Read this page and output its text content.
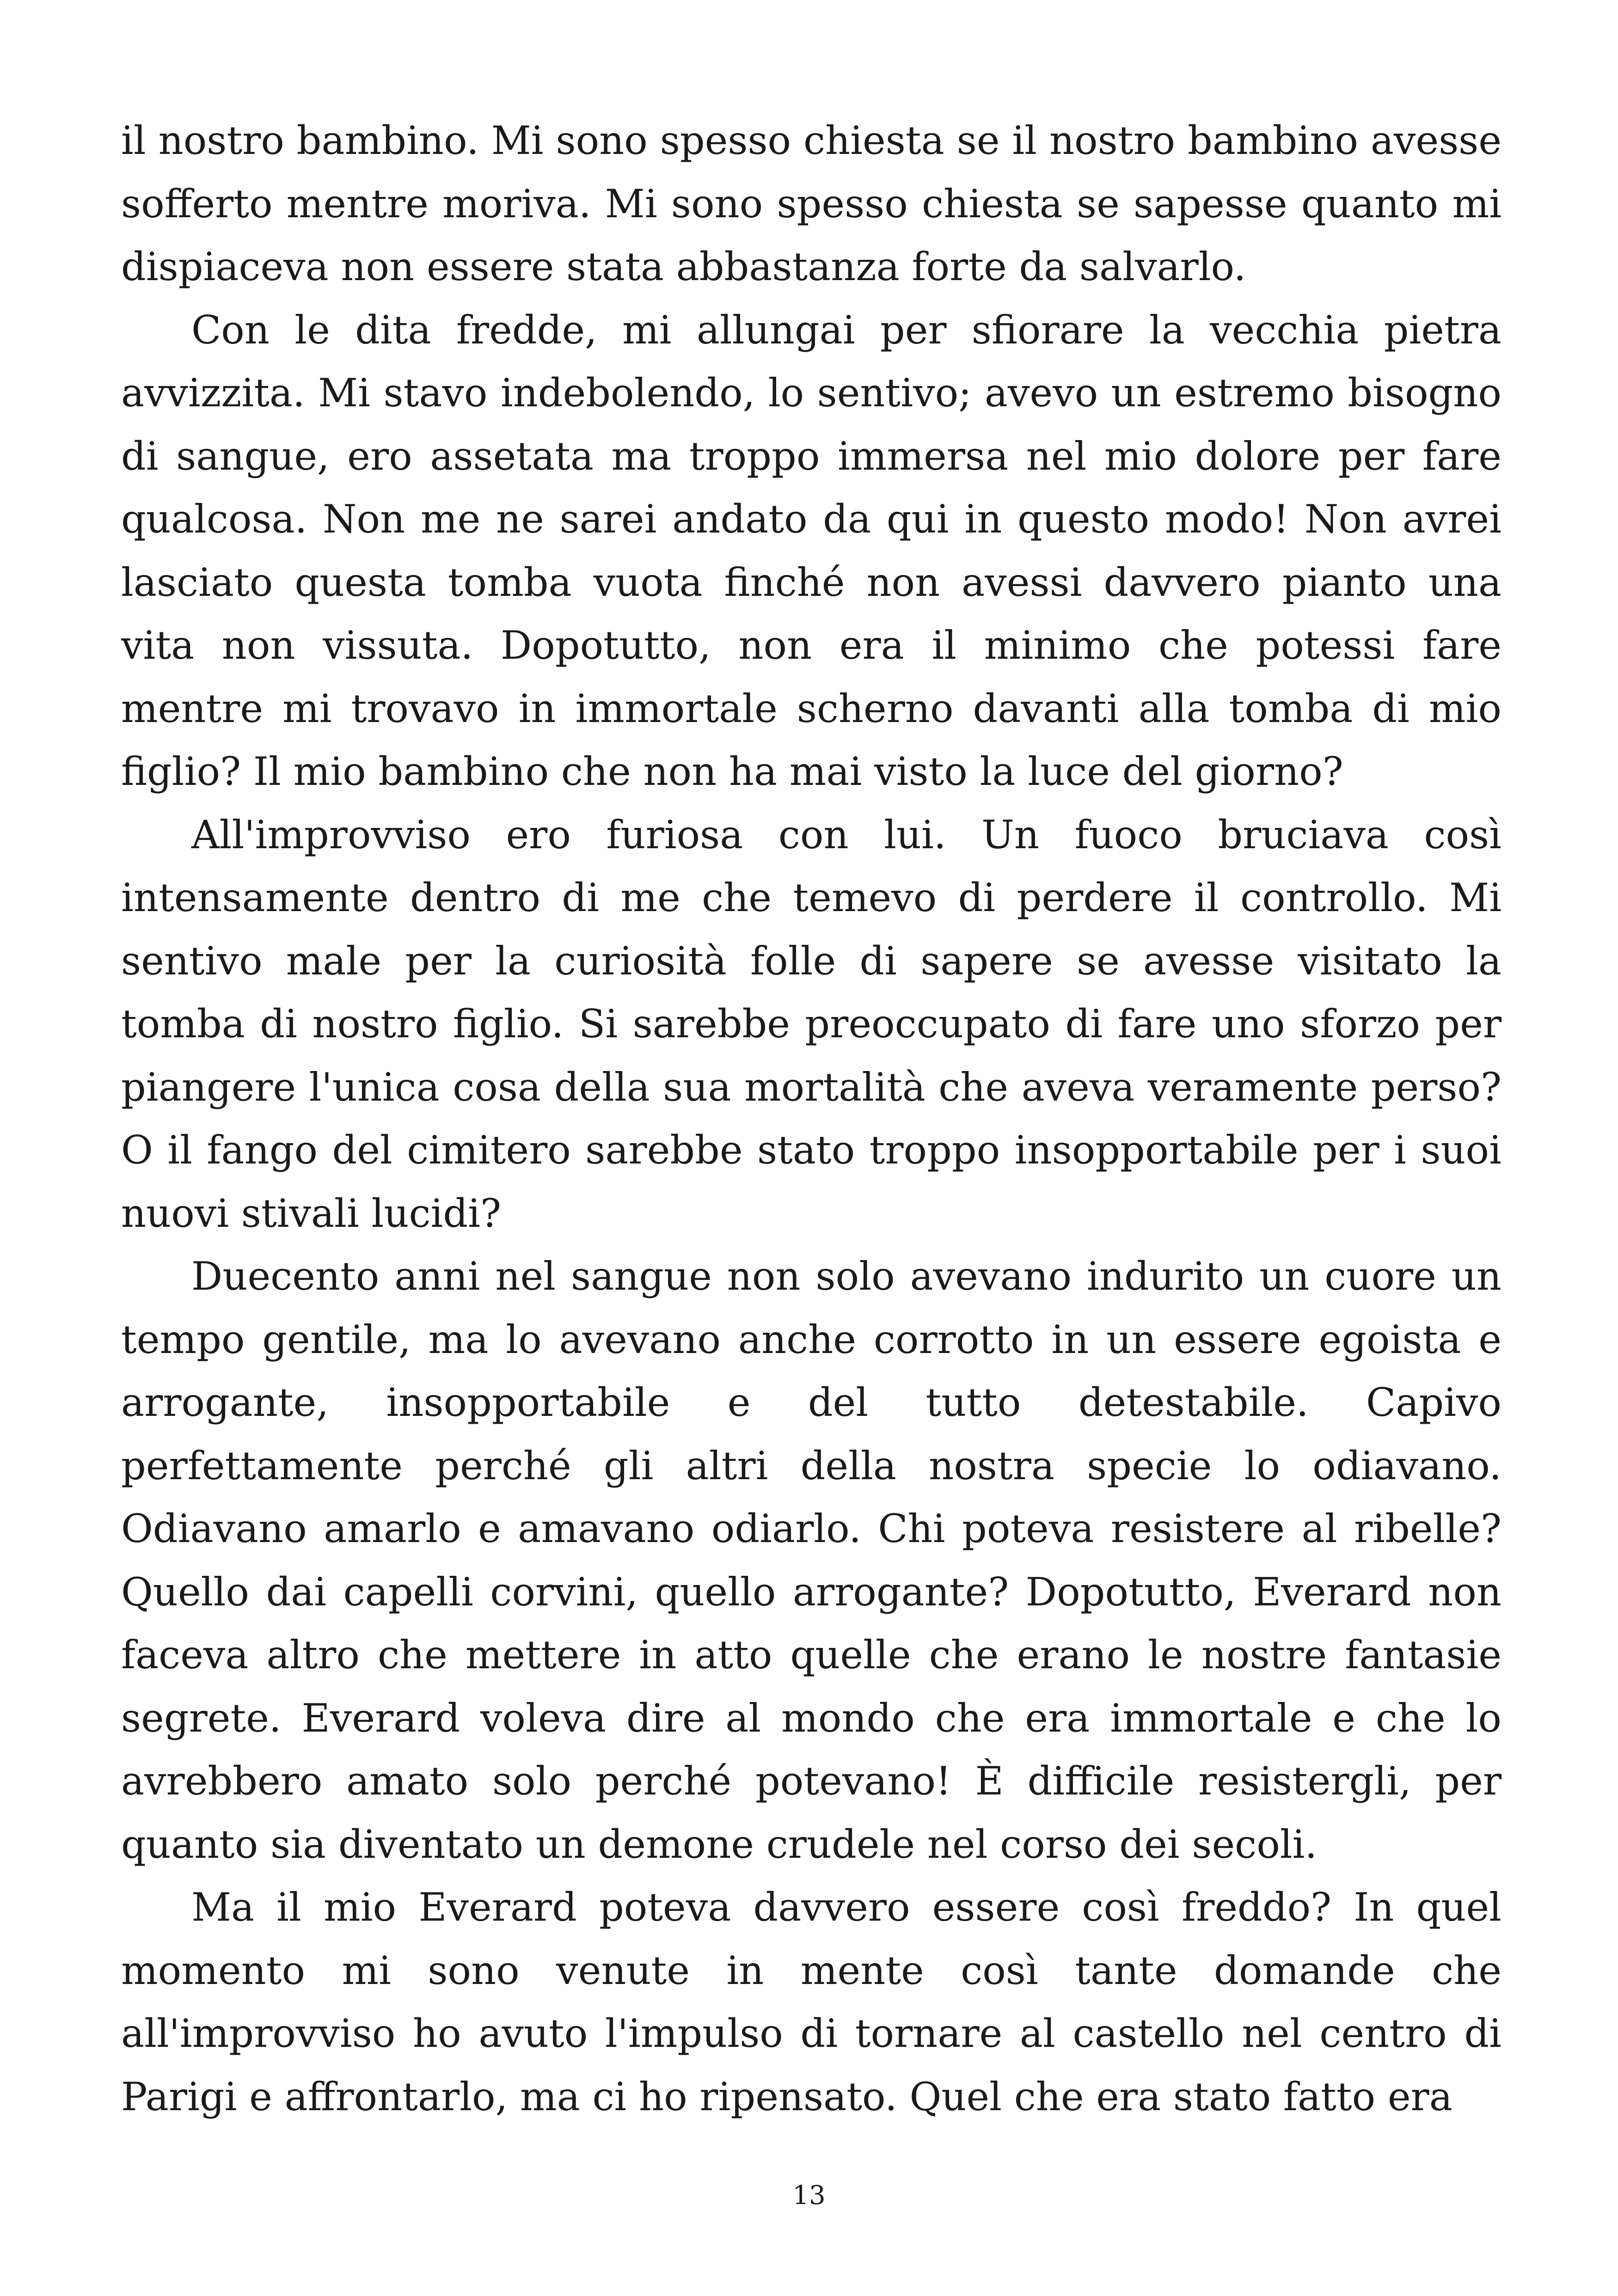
il nostro bambino. Mi sono spesso chiesta se il nostro bambino avesse sofferto mentre moriva. Mi sono spesso chiesta se sapesse quanto mi dispiaceva non essere stata abbastanza forte da salvarlo.

Con le dita fredde, mi allungai per sfiorare la vecchia pietra avvizzita. Mi stavo indebolendo, lo sentivo; avevo un estremo bisogno di sangue, ero assetata ma troppo immersa nel mio dolore per fare qualcosa. Non me ne sarei andato da qui in questo modo! Non avrei lasciato questa tomba vuota finché non avessi davvero pianto una vita non vissuta. Dopotutto, non era il minimo che potessi fare mentre mi trovavo in immortale scherno davanti alla tomba di mio figlio? Il mio bambino che non ha mai visto la luce del giorno?

All'improvviso ero furiosa con lui. Un fuoco bruciava così intensamente dentro di me che temevo di perdere il controllo. Mi sentivo male per la curiosità folle di sapere se avesse visitato la tomba di nostro figlio. Si sarebbe preoccupato di fare uno sforzo per piangere l'unica cosa della sua mortalità che aveva veramente perso? O il fango del cimitero sarebbe stato troppo insopportabile per i suoi nuovi stivali lucidi?

Duecento anni nel sangue non solo avevano indurito un cuore un tempo gentile, ma lo avevano anche corrotto in un essere egoista e arrogante, insopportabile e del tutto detestabile. Capivo perfettamente perché gli altri della nostra specie lo odiavano. Odiavano amarlo e amavano odiarlo. Chi poteva resistere al ribelle? Quello dai capelli corvini, quello arrogante? Dopotutto, Everard non faceva altro che mettere in atto quelle che erano le nostre fantasie segrete. Everard voleva dire al mondo che era immortale e che lo avrebbero amato solo perché potevano! È difficile resistergli, per quanto sia diventato un demone crudele nel corso dei secoli.

Ma il mio Everard poteva davvero essere così freddo? In quel momento mi sono venute in mente così tante domande che all'improvviso ho avuto l'impulso di tornare al castello nel centro di Parigi e affrontarlo, ma ci ho ripensato. Quel che era stato fatto era

13
